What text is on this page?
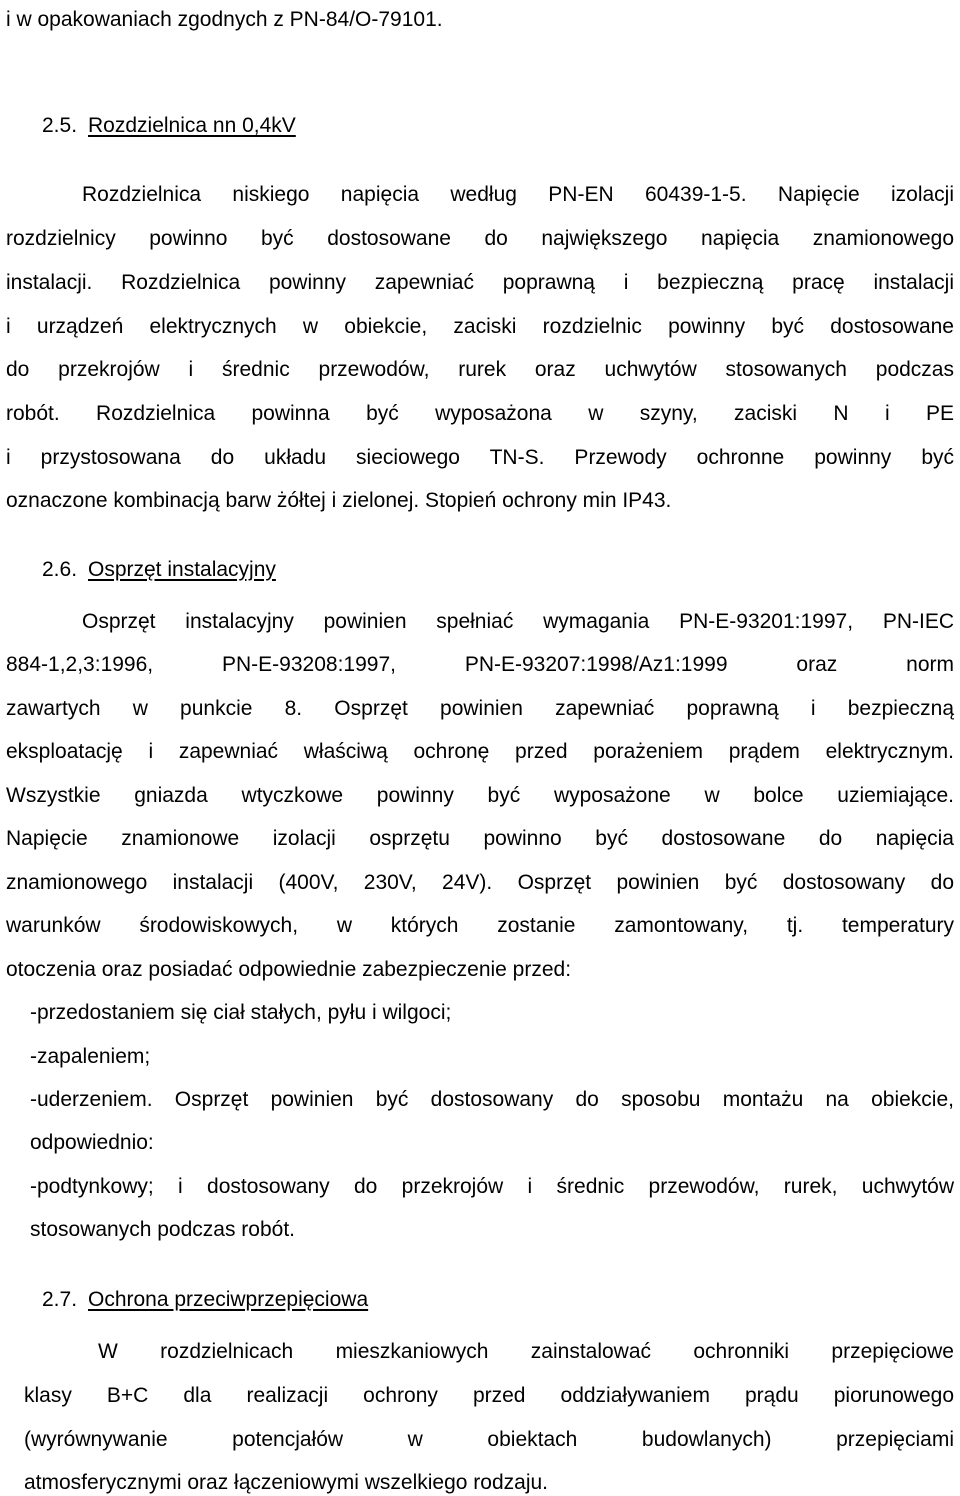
i w opakowaniach zgodnych z PN-84/O-79101.
2.5. Rozdzielnica nn 0,4kV
Rozdzielnica niskiego napięcia według PN-EN 60439-1-5. Napięcie izolacji
rozdzielnicy powinno być dostosowane do największego napięcia znamionowego
instalacji. Rozdzielnica powinny zapewniać poprawną i bezpieczną pracę instalacji
i urządzeń elektrycznych w obiekcie, zaciski rozdzielnic powinny być dostosowane
do przekrojów i średnic przewodów, rurek oraz uchwytów stosowanych podczas
robót. Rozdzielnica powinna być wyposażona w szyny, zaciski N i PE
i przystosowana do układu sieciowego TN-S. Przewody ochronne powinny być
oznaczone kombinacją barw żółtej i zielonej. Stopień ochrony min IP43.
2.6. Osprzęt instalacyjny
Osprzęt instalacyjny powinien spełniać wymagania PN-E-93201:1997, PN-IEC
884-1,2,3:1996, PN-E-93208:1997, PN-E-93207:1998/Az1:1999 oraz norm
zawartych w punkcie 8. Osprzęt powinien zapewniać poprawną i bezpieczną
eksploatację i zapewniać właściwą ochronę przed porażeniem prądem elektrycznym.
Wszystkie gniazda wtyczkowe powinny być wyposażone w bolce uziemiające.
Napięcie znamionowe izolacji osprzętu powinno być dostosowane do napięcia
znamionowego instalacji (400V, 230V, 24V). Osprzęt powinien być dostosowany do
warunków środowiskowych, w których zostanie zamontowany, tj. temperatury
otoczenia oraz posiadać odpowiednie zabezpieczenie przed:
-przedostaniem się ciał stałych, pyłu i wilgoci;
-zapaleniem;
-uderzeniem. Osprzęt powinien być dostosowany do sposobu montażu na obiekcie,
odpowiednio:
-podtynkowy; i dostosowany do przekrojów i średnic przewodów, rurek, uchwytów
stosowanych podczas robót.
2.7. Ochrona przeciwprzepięciowa
W rozdzielnicach mieszkaniowych zainstalować ochronniki przepięciowe
klasy B+C dla realizacji ochrony przed oddziaływaniem prądu piorunowego
(wyrównywanie potencjałów w obiektach budowlanych) przepięciami
atmosferycznymi oraz łączeniowymi wszelkiego rodzaju.
